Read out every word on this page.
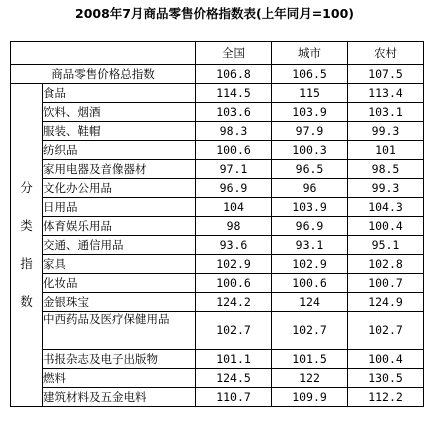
2008年7月商品零售价格指数表(上年同月=100)
		全国	城市	农村
商品零售价格总指数		106.8	106.5	107.5

分类指数	食品	114.5	115	113.4
	饮料、烟酒	103.6	103.9	103.1
	服装、鞋帽	98.3	97.9	99.3
	纺织品	100.6	100.3	101
	家用电器及音像器材	97.1	96.5	98.5
	文化办公用品	96.9	96	99.3
	日用品	104	103.9	104.3
	体育娱乐用品	98	96.9	100.4
	交通、通信用品	93.6	93.1	95.1
	家具	102.9	102.9	102.8
	化妆品	100.6	100.6	100.7
	金银珠宝	124.2	124	124.9
	中西药品及医疗保健用品	102.7	102.7	102.7
	书报杂志及电子出版物	101.1	101.5	100.4
	燃料	124.5	122	130.5
	建筑材料及五金电料	110.7	109.9	112.2
